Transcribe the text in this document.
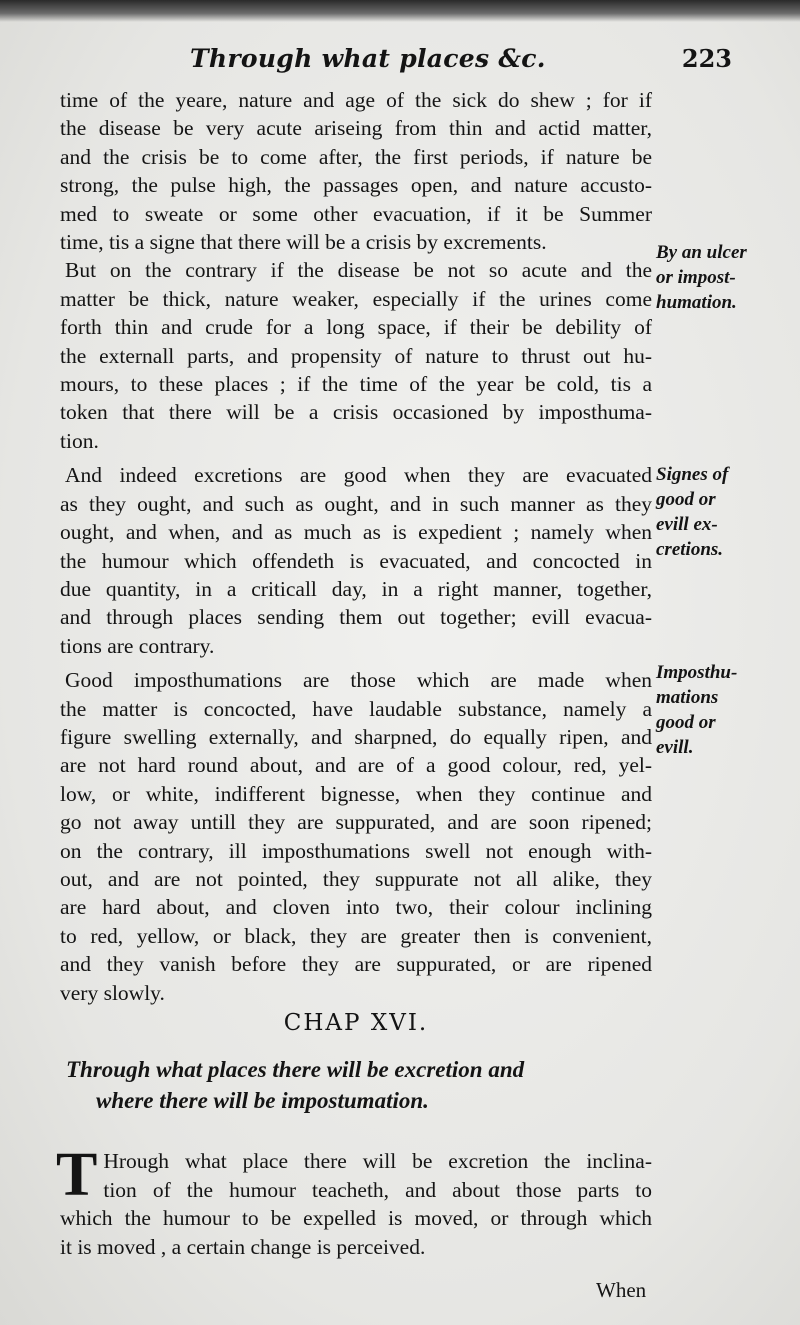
Through what places &c.	223

time of the yeare, nature and age of the sick do shew ; for if
the disease be very acute ariseing from thin and actid matter,
and the crisis be to come after, the first periods, if nature be
strong, the pulse high, the passages open, and nature accusto-
med to sweate or some other evacuation, if it be Summer
time, tis a signe that there will be a crisis by excrements.

But on the contrary if the disease be not so acute and the
matter be thick, nature weaker, especially if the urines come
forth thin and crude for a long space, if their be debility of
the externall parts, and propensity of nature to thrust out hu-
mours, to these places ; if the time of the year be cold, tis a
token that there will be a crisis occasioned by imposthuma-
tion.

And indeed excretions are good when they are evacuated
as they ought, and such as ought, and in such manner as they
ought, and when, and as much as is expedient ; namely when
the humour which offendeth is evacuated, and concocted in
due quantity, in a criticall day, in a right manner, together,
and through places sending them out together; evill evacua-
tions are contrary.

Good imposthumations are those which are made when
the matter is concocted, have laudable substance, namely a
figure swelling externally, and sharpned, do equally ripen, and
are not hard round about, and are of a good colour, red, yel-
low, or white, indifferent bignesse, when they continue and
go not away untill they are suppurated, and are soon ripened;
on the contrary, ill imposthumations swell not enough with-
out, and are not pointed, they suppurate not all alike, they
are hard about, and cloven into two, their colour inclining
to red, yellow, or black, they are greater then is convenient,
and they vanish before they are suppurated, or are ripened
very slowly.

By an ulcer
or impost-
humation.
Signes of
good or
evill ex-
cretions.
Imposthu-
mations
good or
evill.
CHAP XVI.
Through what places there will be excretion and
where there will be impostumation.
T Hrough what place there will be excretion the inclina-
tion of the humour teacheth, and about those parts to
which the humour to be expelled is moved, or through which
it is moved , a certain change is perceived.
When
